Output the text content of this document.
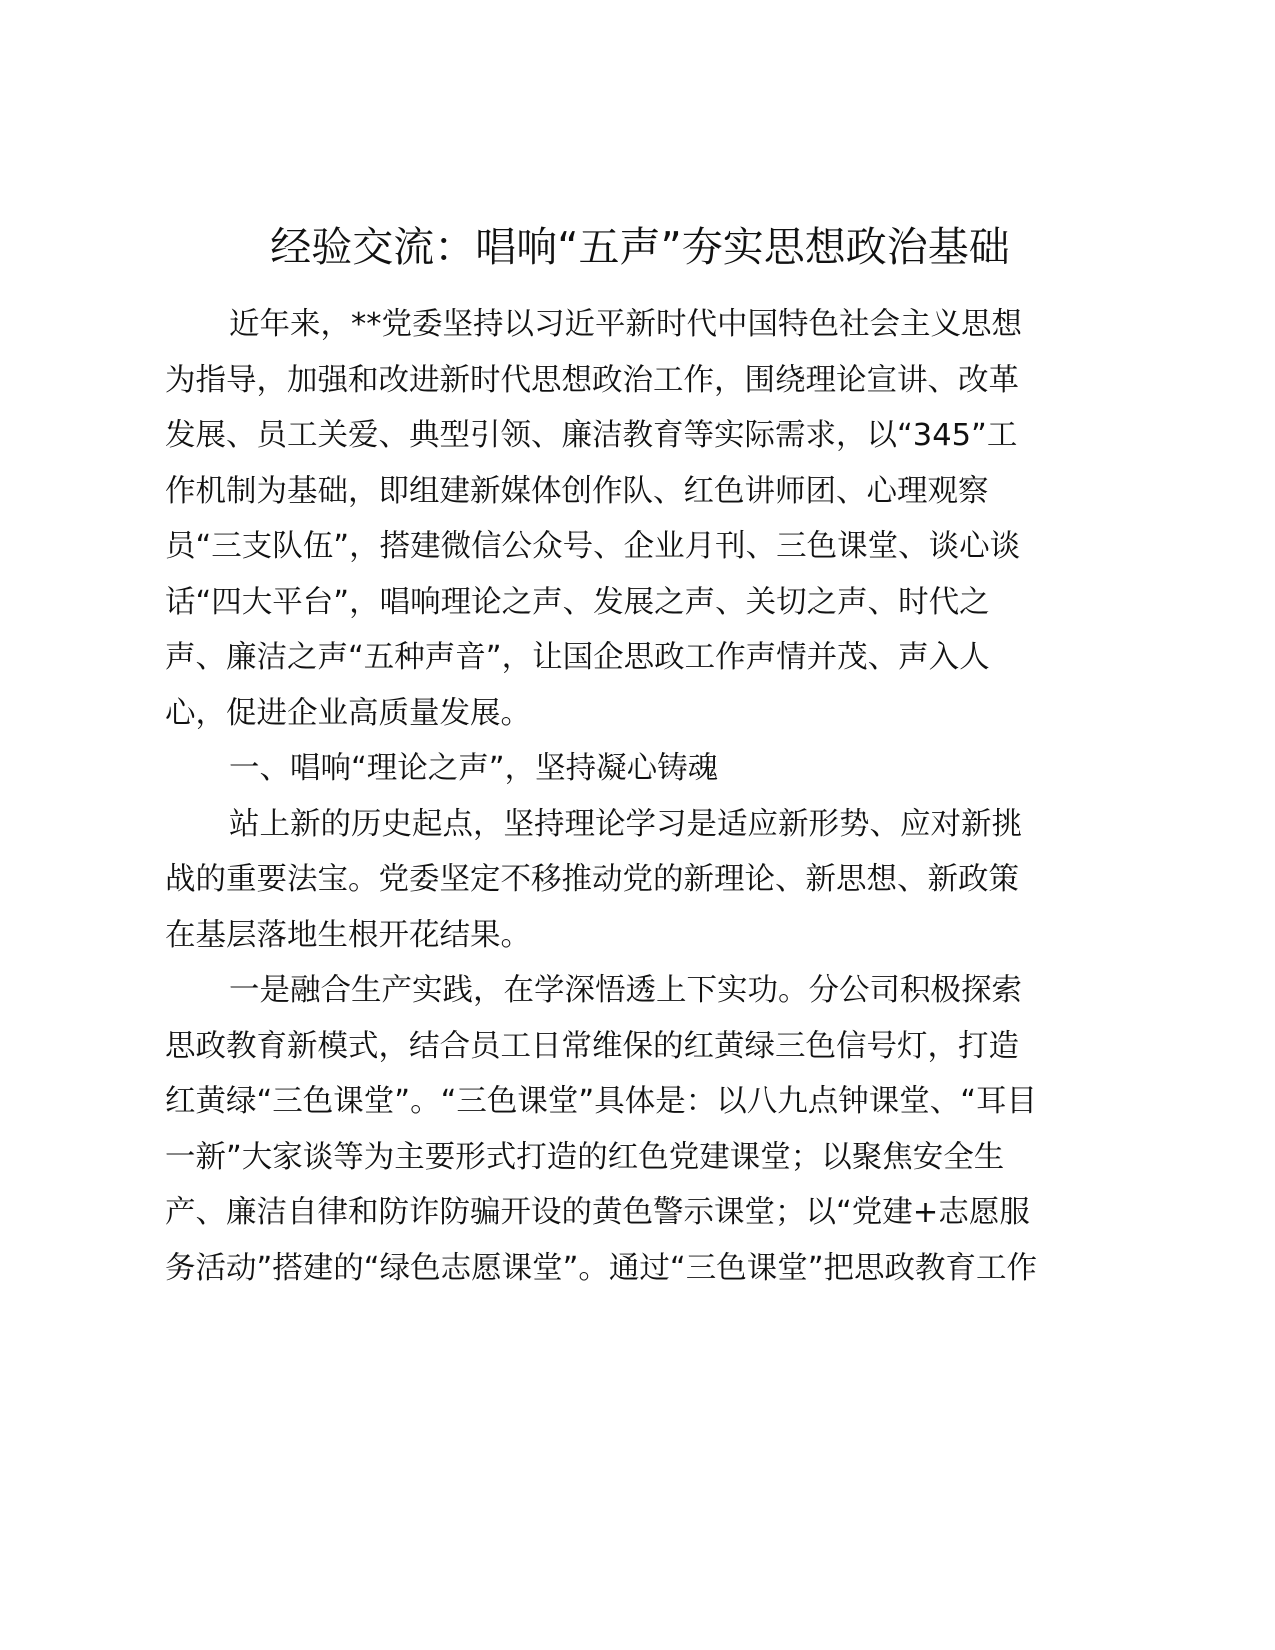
经验交流：唱响“五声”夯实思想政治基础
近年来，**党委坚持以习近平新时代中国特色社会主义思想
为指导，加强和改进新时代思想政治工作，围绕理论宣讲、改革
发展、员工关爱、典型引领、廉洁教育等实际需求，以“345”工
作机制为基础，即组建新媒体创作队、红色讲师团、心理观察
员“三支队伍”，搭建微信公众号、企业月刊、三色课堂、谈心谈
话“四大平台”，唱响理论之声、发展之声、关切之声、时代之
声、廉洁之声“五种声音”，让国企思政工作声情并茂、声入人
心，促进企业高质量发展。
一、唱响“理论之声”，坚持凝心铸魂
站上新的历史起点，坚持理论学习是适应新形势、应对新挑
战的重要法宝。党委坚定不移推动党的新理论、新思想、新政策
在基层落地生根开花结果。
一是融合生产实践，在学深悟透上下实功。分公司积极探索
思政教育新模式，结合员工日常维保的红黄绿三色信号灯，打造
红黄绿“三色课堂”。“三色课堂”具体是：以八九点钟课堂、“耳目
一新”大家谈等为主要形式打造的红色党建课堂；以聚焦安全生
产、廉洁自律和防诈防骗开设的黄色警示课堂；以“党建+志愿服
务活动”搭建的“绿色志愿课堂”。通过“三色课堂”把思政教育工作
